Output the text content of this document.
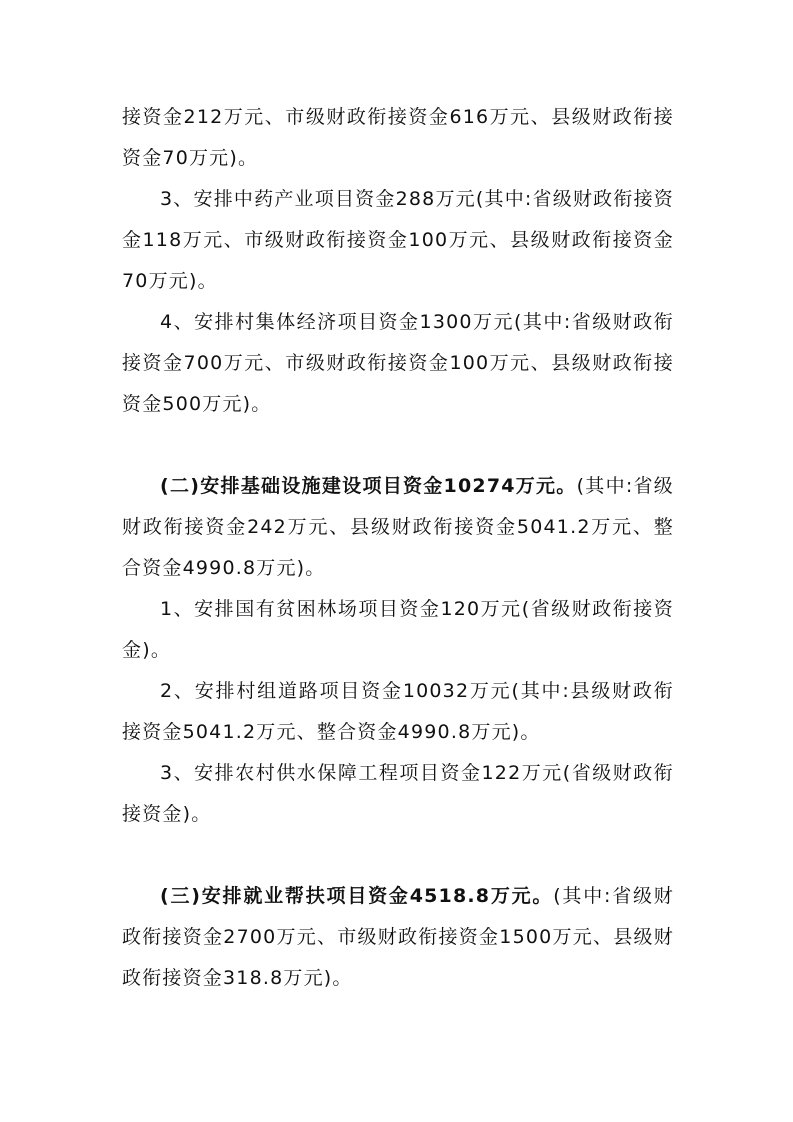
接资金212万元、市级财政衔接资金616万元、县级财政衔接资金70万元)。

3、安排中药产业项目资金288万元(其中:省级财政衔接资金118万元、市级财政衔接资金100万元、县级财政衔接资金70万元)。

4、安排村集体经济项目资金1300万元(其中:省级财政衔接资金700万元、市级财政衔接资金100万元、县级财政衔接资金500万元)。

(二)安排基础设施建设项目资金10274万元。(其中:省级财政衔接资金242万元、县级财政衔接资金5041.2万元、整合资金4990.8万元)。

1、安排国有贫困林场项目资金120万元(省级财政衔接资金)。

2、安排村组道路项目资金10032万元(其中:县级财政衔接资金5041.2万元、整合资金4990.8万元)。

3、安排农村供水保障工程项目资金122万元(省级财政衔接资金)。

(三)安排就业帮扶项目资金4518.8万元。(其中:省级财政衔接资金2700万元、市级财政衔接资金1500万元、县级财政衔接资金318.8万元)。
